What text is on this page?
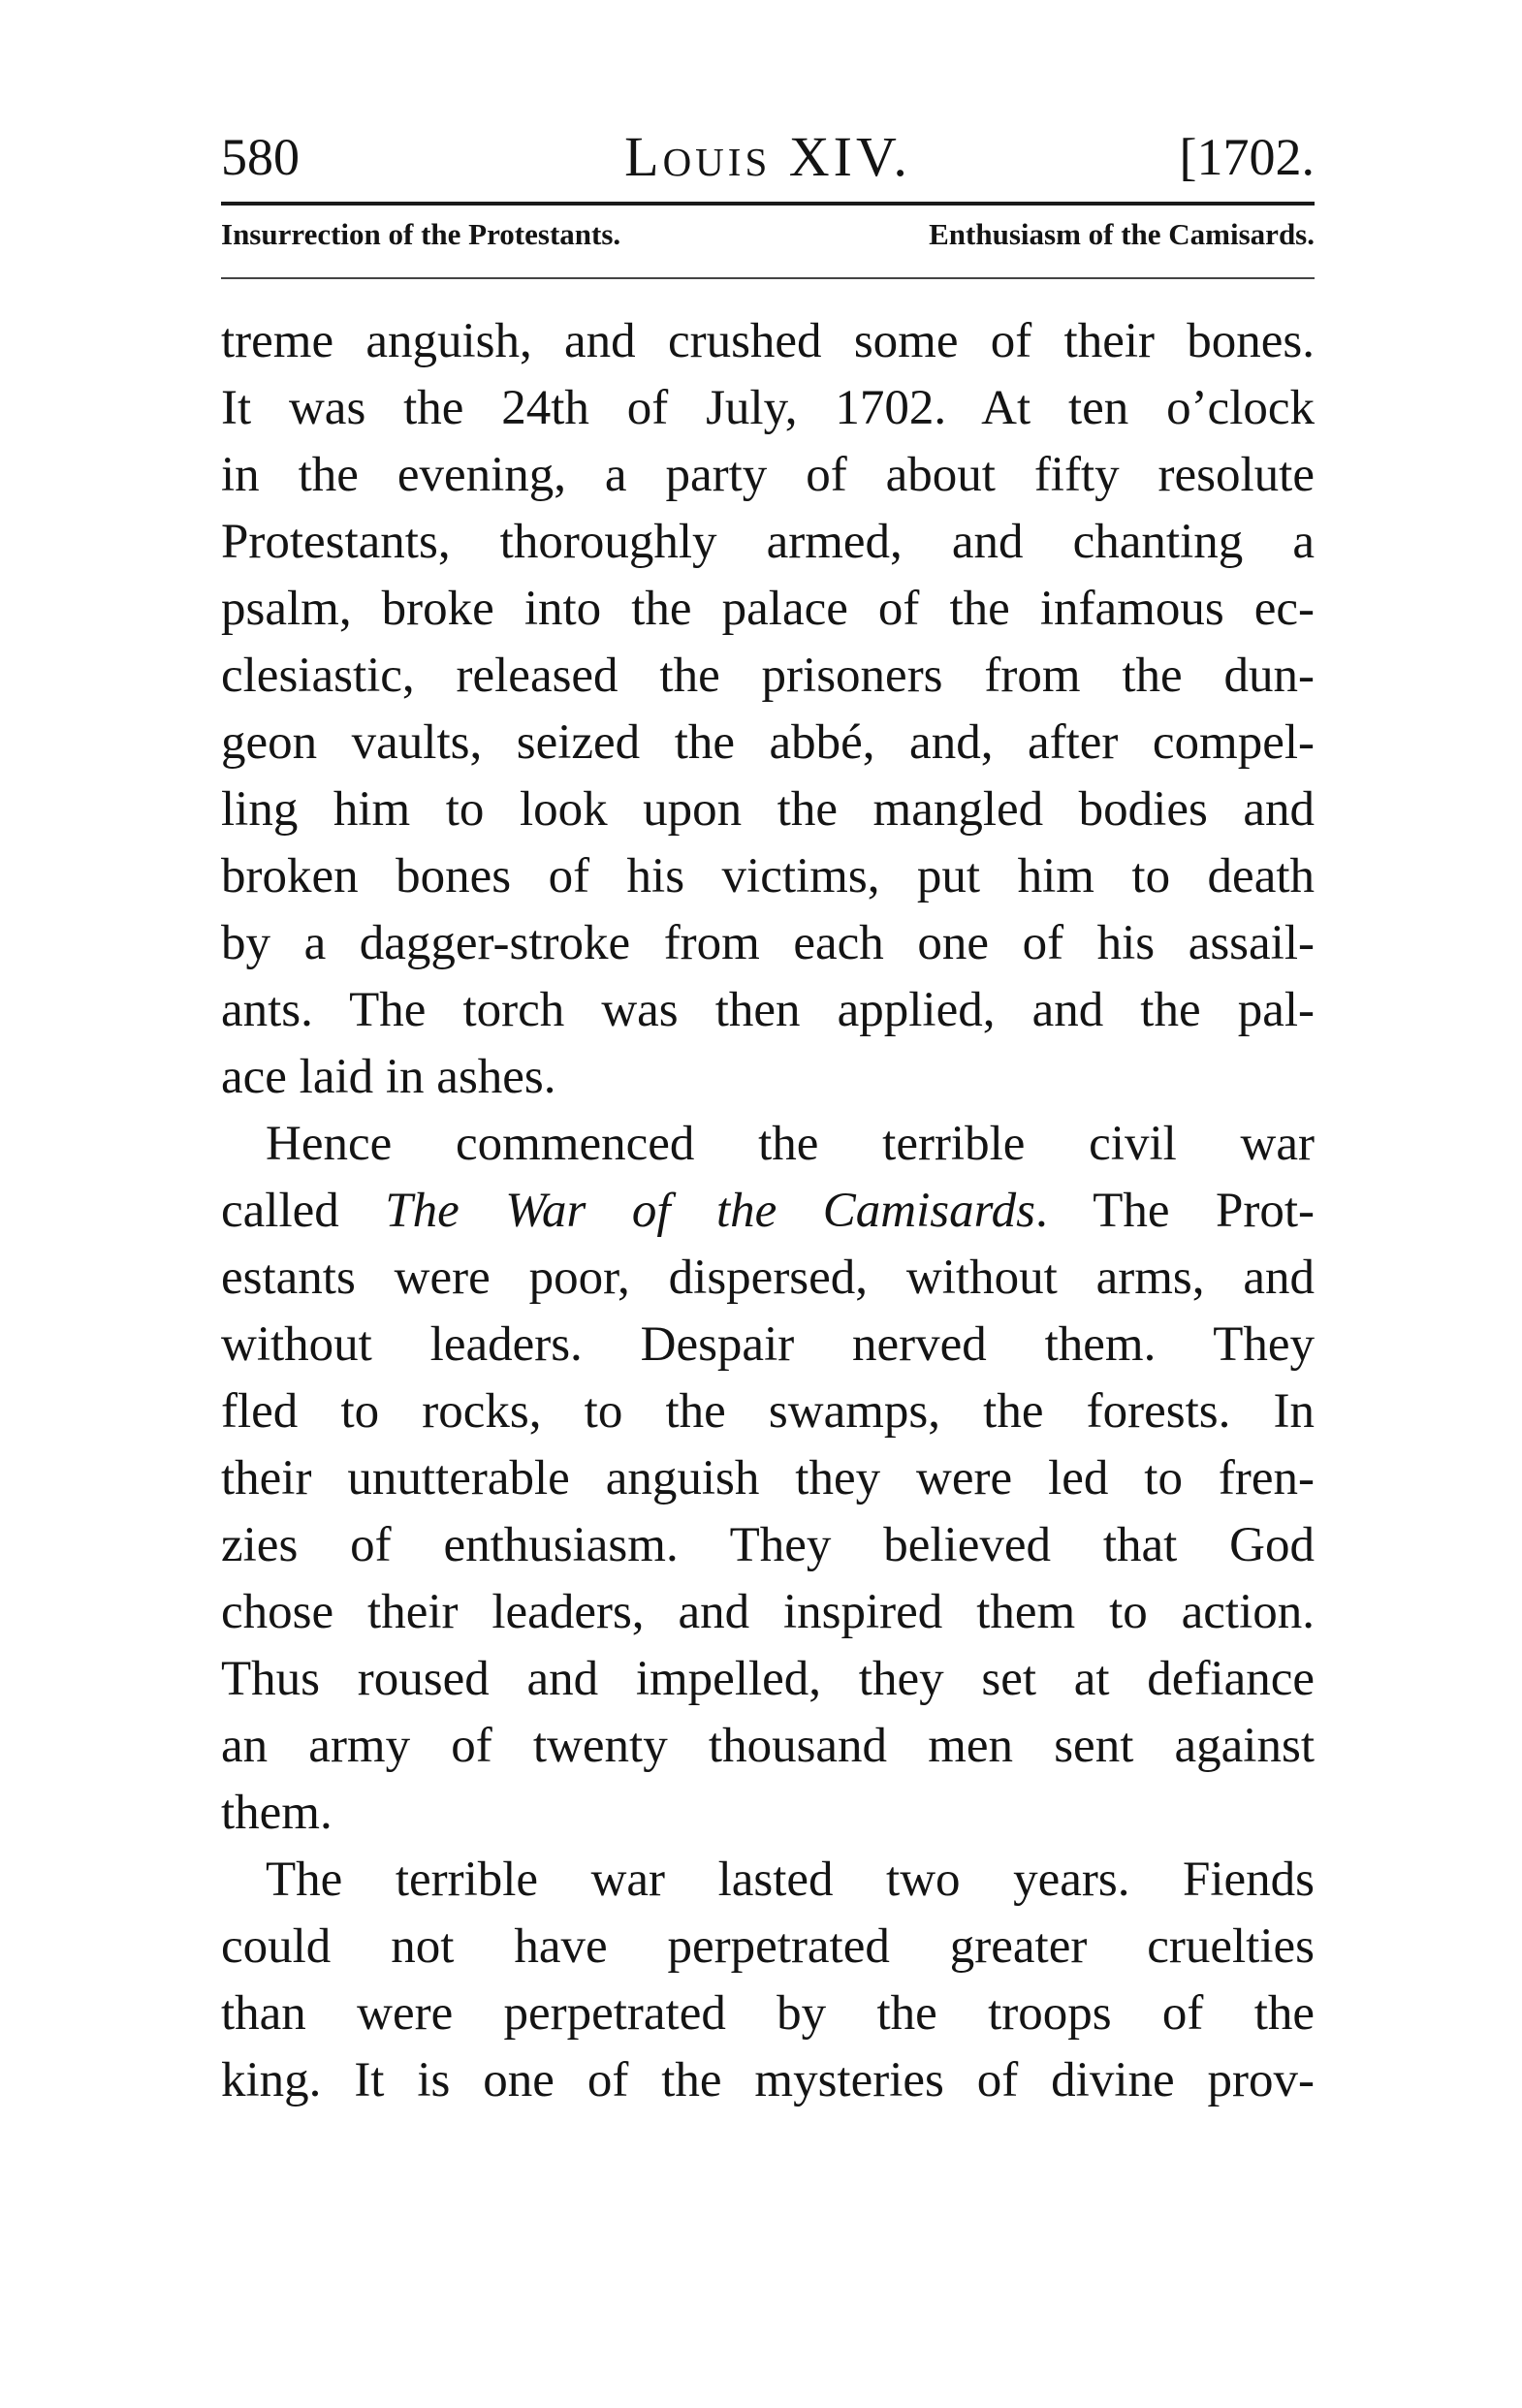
580	Louis XIV.	[1702.
Insurrection of the Protestants.	Enthusiasm of the Camisards.
treme anguish, and crushed some of their bones.
It was the 24th of July, 1702. At ten o’clock
in the evening, a party of about fifty resolute
Protestants, thoroughly armed, and chanting a
psalm, broke into the palace of the infamous ec-
clesiastic, released the prisoners from the dun-
geon vaults, seized the abbé, and, after compel-
ling him to look upon the mangled bodies and
broken bones of his victims, put him to death
by a dagger-stroke from each one of his assail-
ants. The torch was then applied, and the pal-
ace laid in ashes.
Hence commenced the terrible civil war
called The War of the Camisards. The Prot-
estants were poor, dispersed, without arms, and
without leaders. Despair nerved them. They
fled to rocks, to the swamps, the forests. In
their unutterable anguish they were led to fren-
zies of enthusiasm. They believed that God
chose their leaders, and inspired them to action.
Thus roused and impelled, they set at defiance
an army of twenty thousand men sent against
them.
The terrible war lasted two years. Fiends
could not have perpetrated greater cruelties
than were perpetrated by the troops of the
king. It is one of the mysteries of divine prov-
